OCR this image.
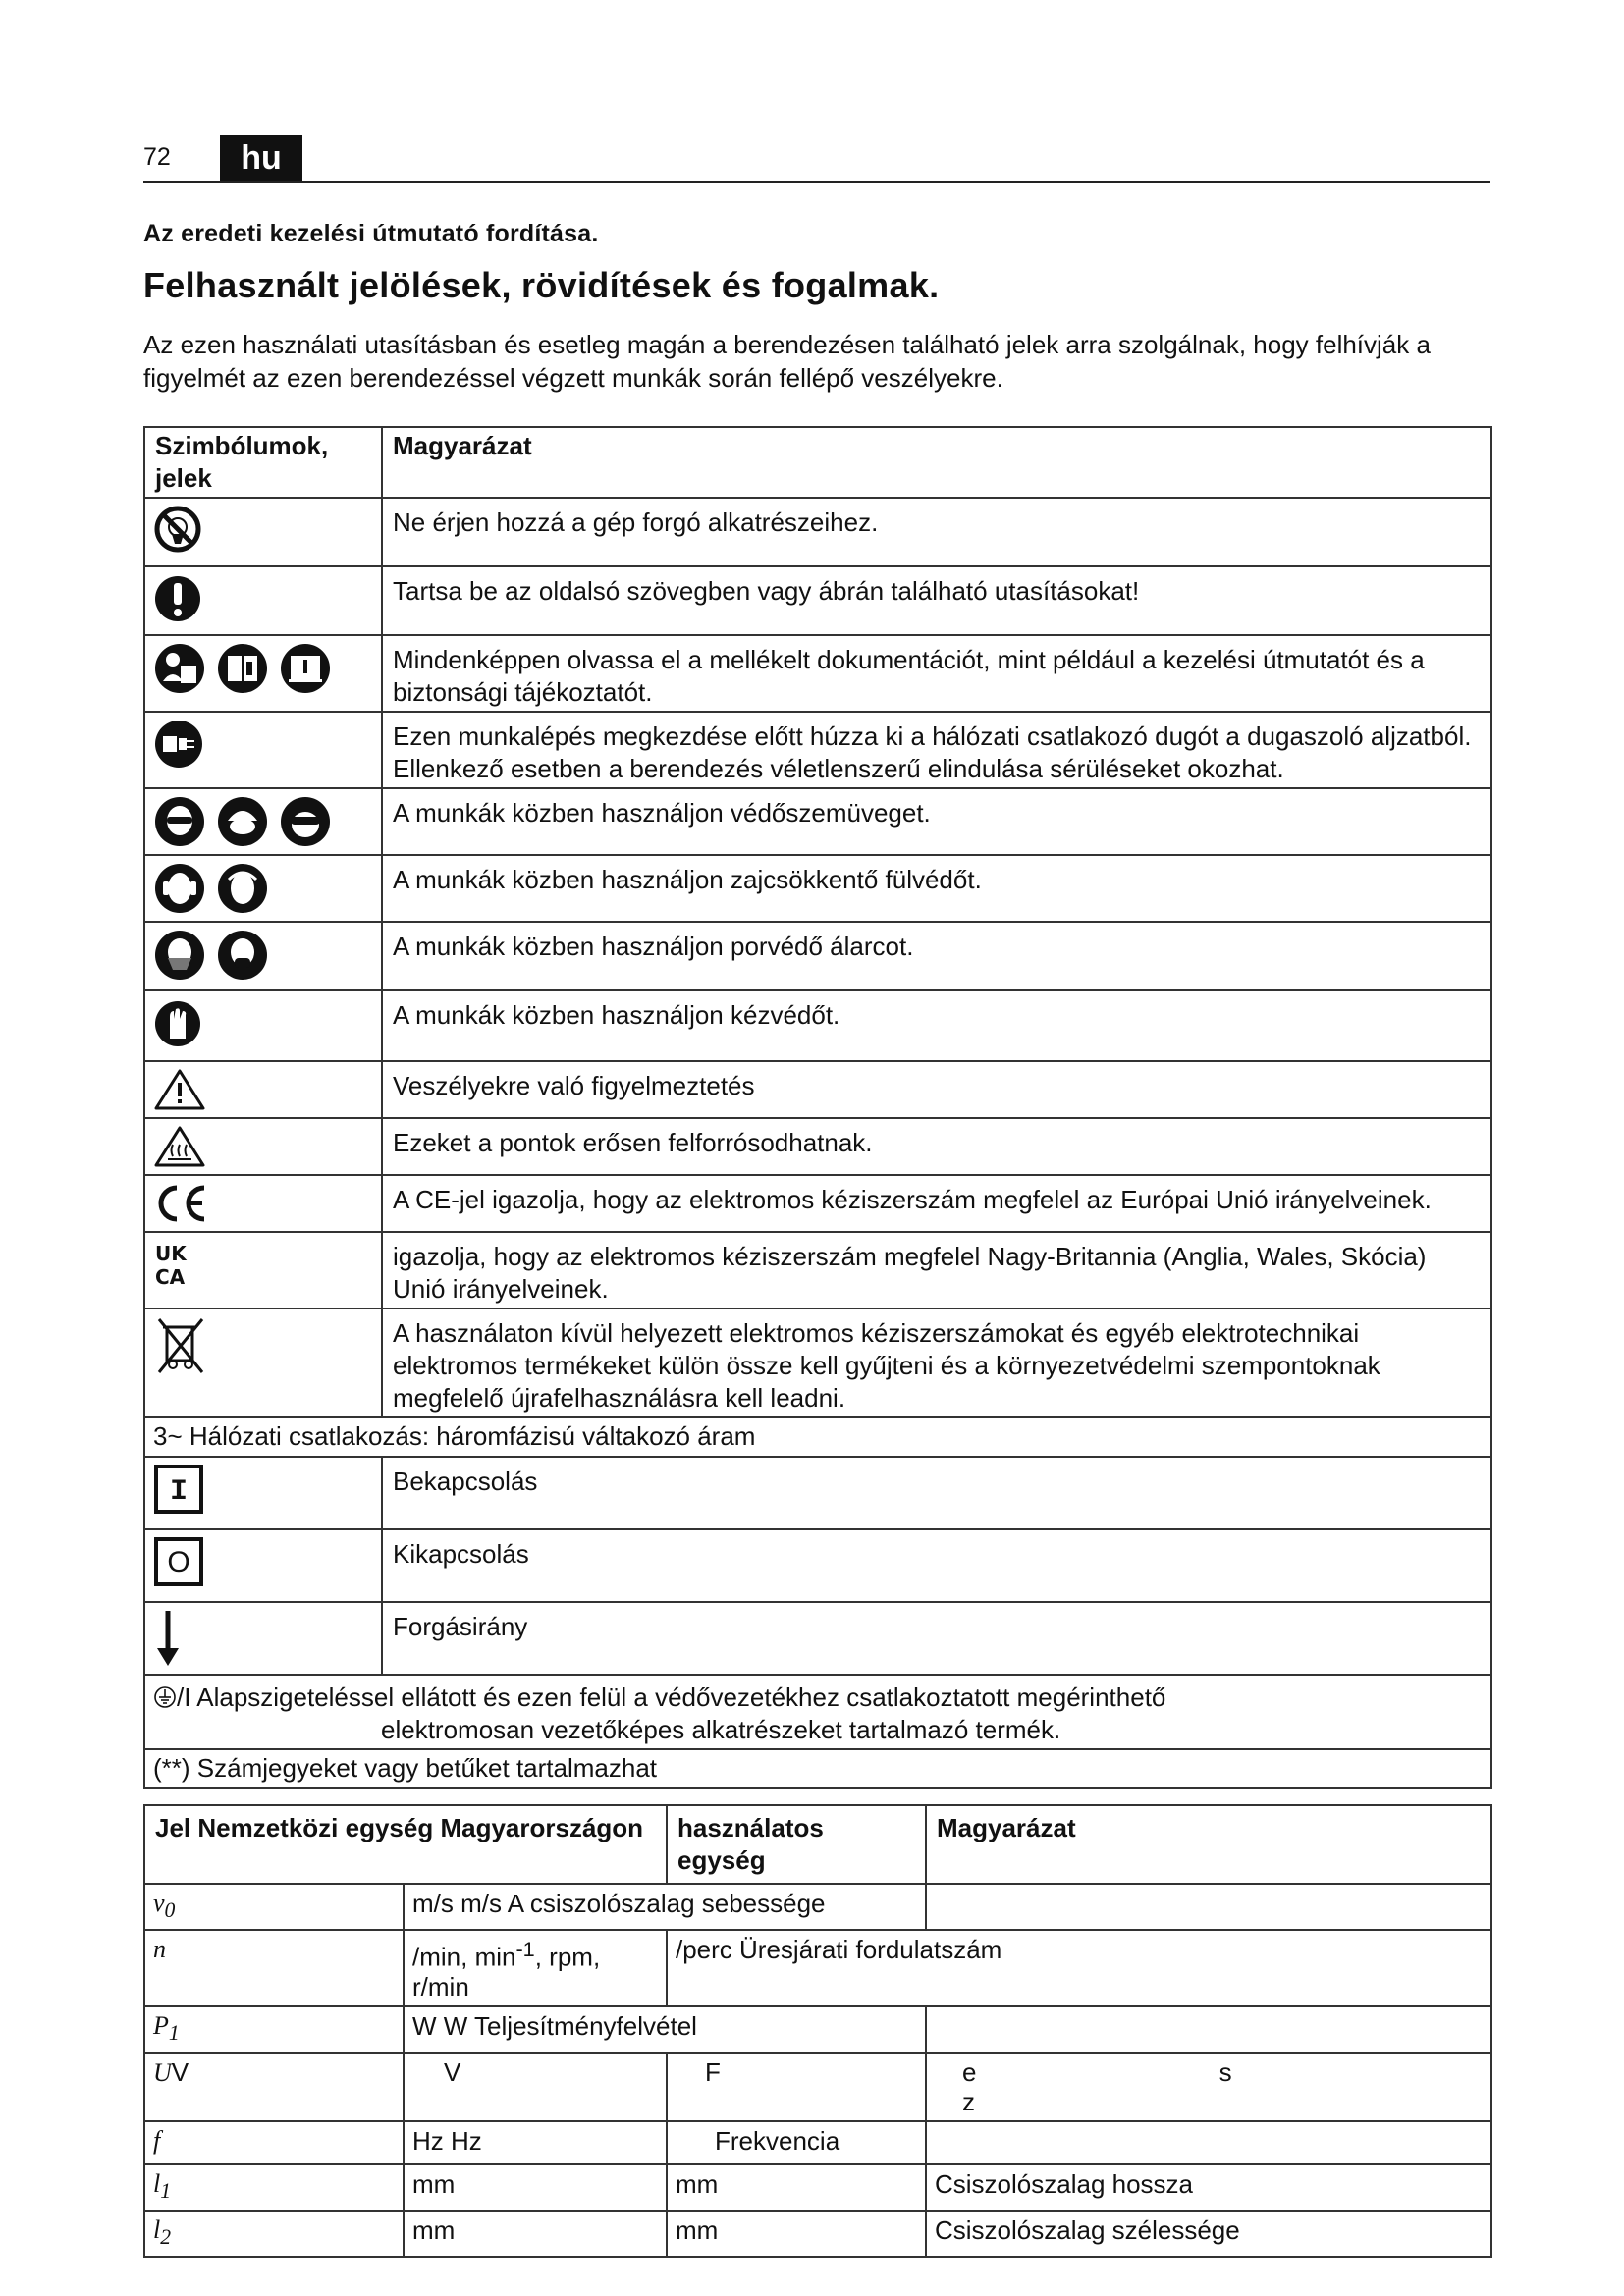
72	hu
Az eredeti kezelési útmutató fordítása.
Felhasznált jelölések, rövidítések és fogalmak.
Az ezen használati utasításban és esetleg magán a berendezésen található jelek arra szolgálnak, hogy felhívják a figyelmét az ezen berendezéssel végzett munkák során fellépő veszélyekre.
Szimbólumok, jelek	Magyarázat

	Ne érjen hozzá a gép forgó alkatrészeihez.

	Tartsa be az oldalsó szövegben vagy ábrán található utasításokat!

	Mindenképpen olvassa el a mellékelt dokumentációt, mint például a kezelési útmutatót és a biztonsági tájékoztatót.

	Ezen munkalépés megkezdése előtt húzza ki a hálózati csatlakozó dugót a dugaszoló aljzatból. Ellenkező esetben a berendezés véletlenszerű elindulása sérüléseket okozhat.

	A munkák közben használjon védőszemüveget.

	A munkák közben használjon zajcsökkentő fülvédőt.

	A munkák közben használjon porvédő álarcot.

	A munkák közben használjon kézvédőt.

	Veszélyekre való figyelmeztetés

	Ezeket a pontok erősen felforrósodhatnak.

	A CE-jel igazolja, hogy az elektromos kéziszerszám megfelel az Európai Unió irányelveinek.

UK
CA	igazolja, hogy az elektromos kéziszerszám megfelel Nagy-Britannia (Anglia, Wales, Skócia) Unió irányelveinek.

	A használaton kívül helyezett elektromos kéziszerszámokat és egyéb elektrotechnikai elektromos termékeket külön össze kell gyűjteni és a környezetvédelmi szempontoknak megfelelő újrafelhasználásra kell leadni.
3~ Hálózati csatlakozás: háromfázisú váltakozó áram	

I	Bekapcsolás

O	Kikapcsolás

	Forgásirány

/I Alapszigeteléssel ellátott és ezen felül a védővezetékhez csatlakoztatott megérinthető
elektromosan vezetőképes alkatrészeket tartalmazó termék.	

(**) Számjegyeket vagy betűket tartalmazhat	
Jel Nemzetközi egység Magyarországon		használatos egység	Magyarázat
$v_0$	m/s m/s A csiszolószalag sebessége		
n	/min, $\min^{-1}$, rpm, r/min	/perc Üresjárati fordulatszám	
$P_1$	W W Teljesítményfelvétel		
UV	V	F	e s z
f	Hz Hz	Frekvencia	
$l_1$	mm	mm	Csiszolószalag hossza
$l_2$	mm	mm	Csiszolószalag szélessége
